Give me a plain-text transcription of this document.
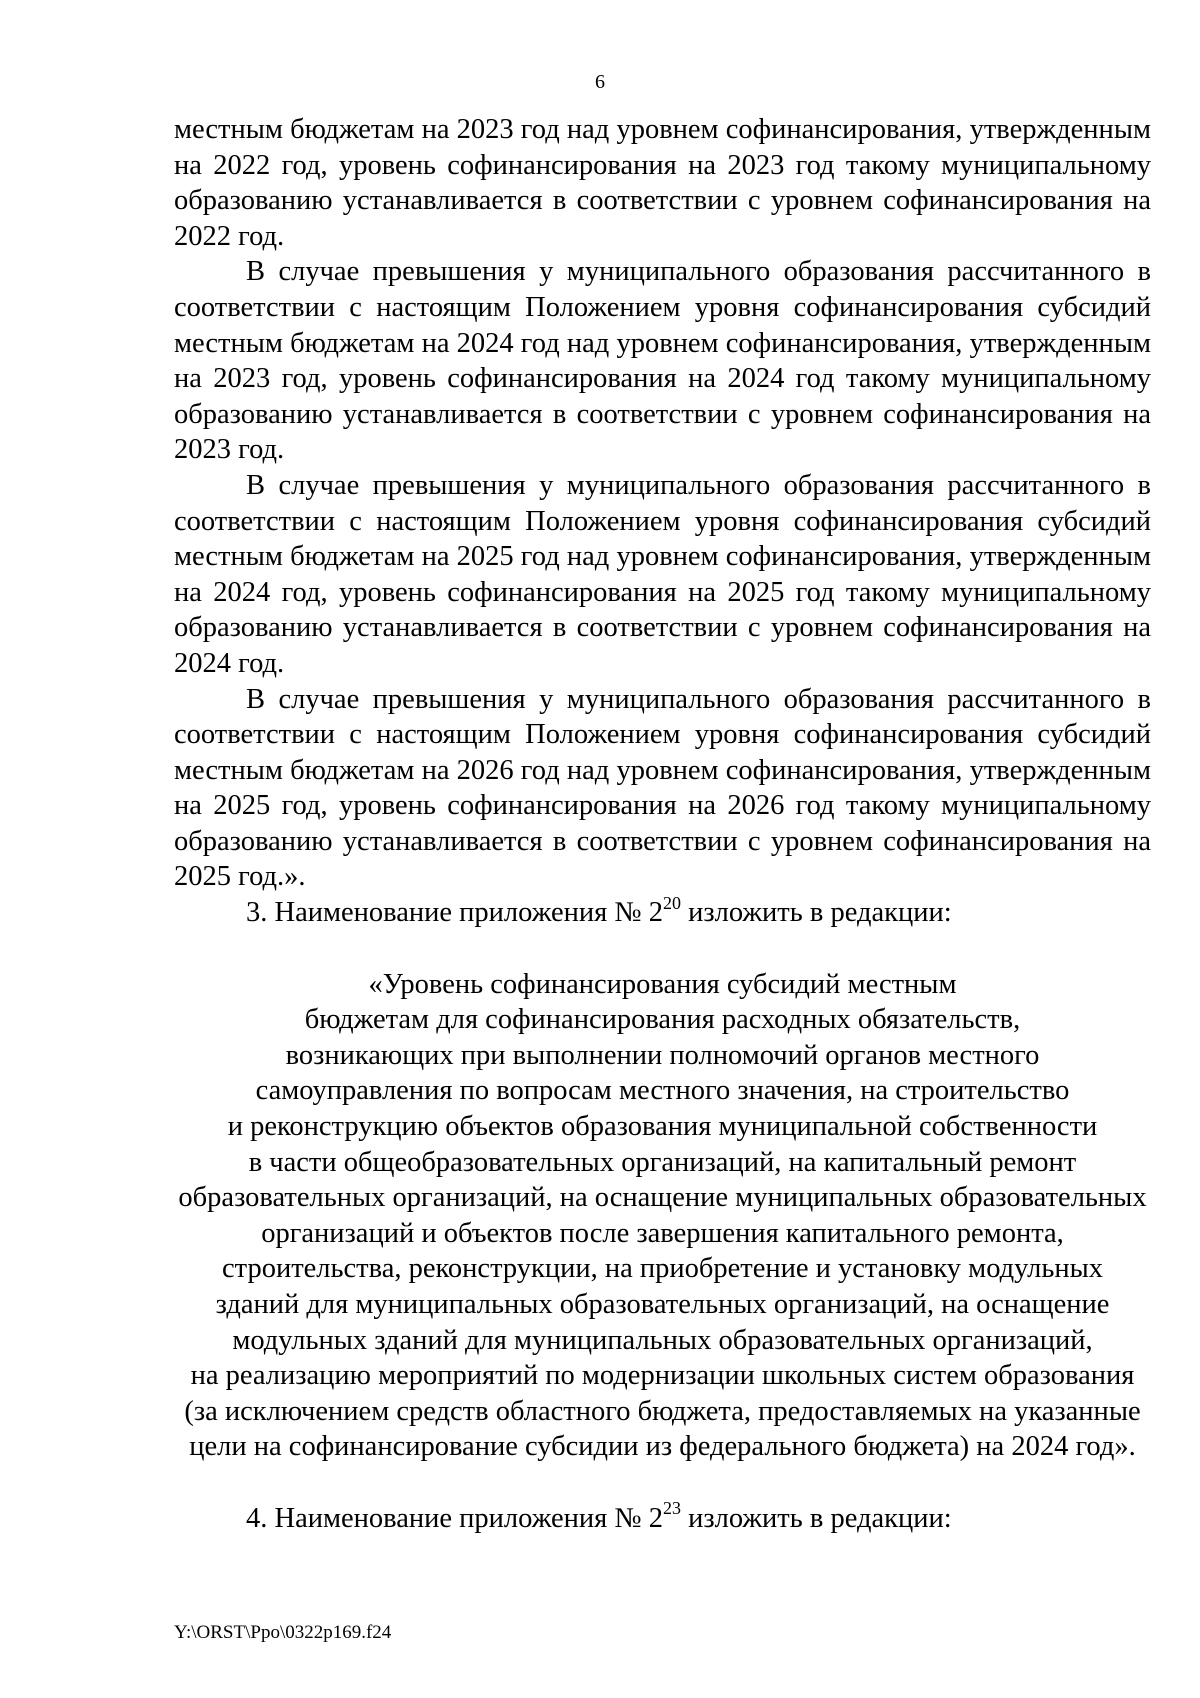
6

местным бюджетам на 2023 год над уровнем софинансирования, утвержденным на 2022 год, уровень софинансирования на 2023 год такому муниципальному образованию устанавливается в соответствии с уровнем софинансирования на 2022 год.

В случае превышения у муниципального образования рассчитанного в соответствии с настоящим Положением уровня софинансирования субсидий местным бюджетам на 2024 год над уровнем софинансирования, утвержденным на 2023 год, уровень софинансирования на 2024 год такому муниципальному образованию устанавливается в соответствии с уровнем софинансирования на 2023 год.

В случае превышения у муниципального образования рассчитанного в соответствии с настоящим Положением уровня софинансирования субсидий местным бюджетам на 2025 год над уровнем софинансирования, утвержденным на 2024 год, уровень софинансирования на 2025 год такому муниципальному образованию устанавливается в соответствии с уровнем софинансирования на 2024 год.

В случае превышения у муниципального образования рассчитанного в соответствии с настоящим Положением уровня софинансирования субсидий местным бюджетам на 2026 год над уровнем софинансирования, утвержденным на 2025 год, уровень софинансирования на 2026 год такому муниципальному образованию устанавливается в соответствии с уровнем софинансирования на 2025 год.».

3. Наименование приложения № $2^{20}$ изложить в редакции:

«Уровень софинансирования субсидий местным
бюджетам для софинансирования расходных обязательств,
возникающих при выполнении полномочий органов местного
самоуправления по вопросам местного значения, на строительство
и реконструкцию объектов образования муниципальной собственности
в части общеобразовательных организаций, на капитальный ремонт
образовательных организаций, на оснащение муниципальных образовательных
организаций и объектов после завершения капитального ремонта,
строительства, реконструкции, на приобретение и установку модульных
зданий для муниципальных образовательных организаций, на оснащение
модульных зданий для муниципальных образовательных организаций,
на реализацию мероприятий по модернизации школьных систем образования
(за исключением средств областного бюджета, предоставляемых на указанные
цели на софинансирование субсидии из федерального бюджета) на 2024 год».

4. Наименование приложения № $2^{23}$ изложить в редакции:

Y:\ORST\Ppo\0322p169.f24
